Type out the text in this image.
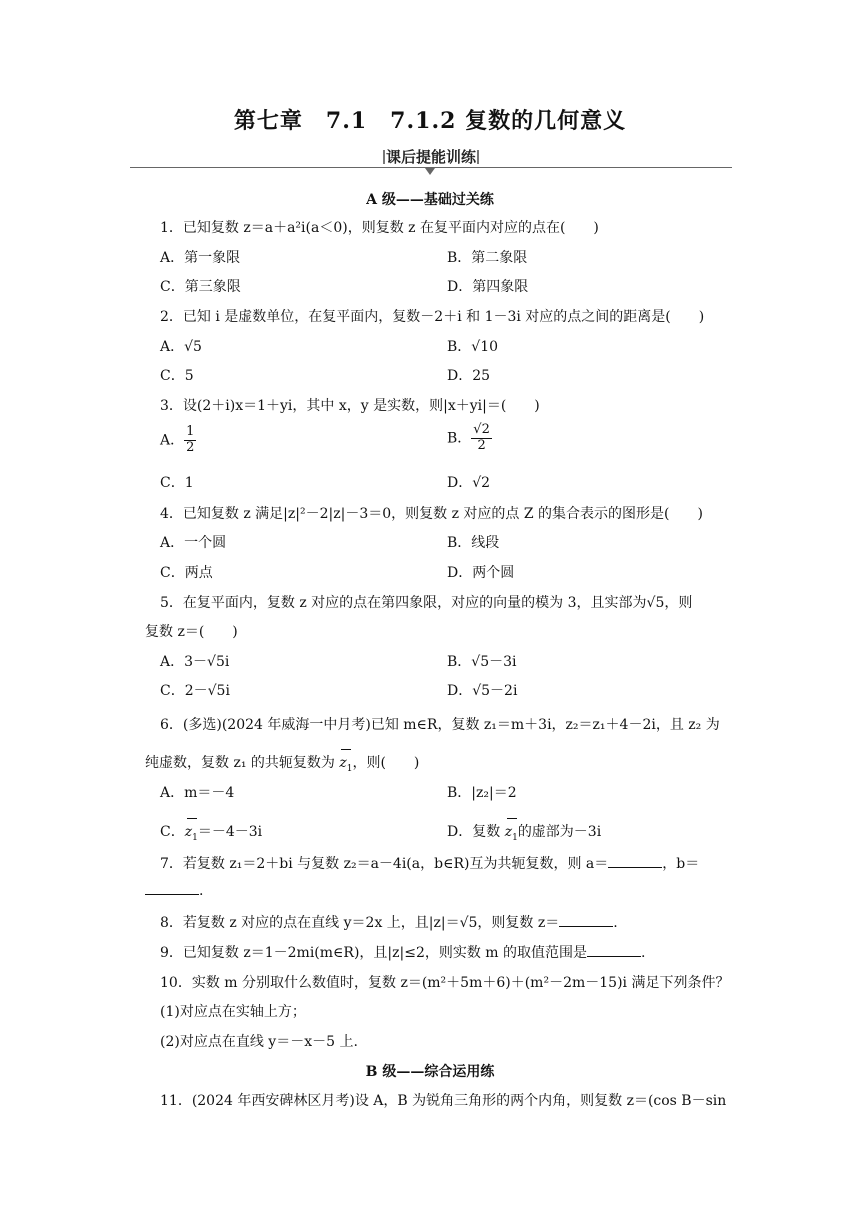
第七章　7.1　7.1.2 复数的几何意义
课后提能训练
A 级——基础过关练
1．已知复数 z＝a＋a²i(a＜0)，则复数 z 在复平面内对应的点在(　　)
A．第一象限	B．第二象限
C．第三象限	D．第四象限
2．已知 i 是虚数单位，在复平面内，复数－2＋i 和 1－3i 对应的点之间的距离是(　　)
A．√5	B．√10
C．5	D．25
3．设(2＋i)x＝1＋yi，其中 x，y 是实数，则|x＋yi|＝(　　)
A． $\frac{1}{2}$	B． $\frac{√2}{2}$
C．1	D．√2
4．已知复数 z 满足|z|²－2|z|－3＝0，则复数 z 对应的点 Z 的集合表示的图形是(　　)
A．一个圆	B．线段
C．两点	D．两个圆
5．在复平面内，复数 z 对应的点在第四象限，对应的向量的模为 3，且实部为√5，则
复数 z＝(　　)
A．3－√5i	B．√5－3i
C．2－√5i	D．√5－2i
6．(多选)(2024 年威海一中月考)已知 m∈R，复数 z₁＝m＋3i，z₂＝z₁＋4－2i，且 z₂ 为
纯虚数，复数 z₁ 的共轭复数为 $z_1$，则(　　)
A．m＝－4	B．|z₂|＝2
C．$z_1=-4-3i$	D．复数 $z_1$的虚部为－3i
7．若复数 z₁＝2＋bi 与复数 z₂＝a－4i(a，b∈R)互为共轭复数，则 a＝	，b＝
.
8．若复数 z 对应的点在直线 y＝2x 上，且|z|＝√5，则复数 z＝	.
9．已知复数 z＝1－2mi(m∈R)，且|z|≤2，则实数 m 的取值范围是	.
10．实数 m 分别取什么数值时，复数 z＝(m²＋5m＋6)＋(m²－2m－15)i 满足下列条件？
(1)对应点在实轴上方；
(2)对应点在直线 y＝－x－5 上.
B 级——综合运用练
11．(2024 年西安碑林区月考)设 A，B 为锐角三角形的两个内角，则复数 z＝(cos B－sin
